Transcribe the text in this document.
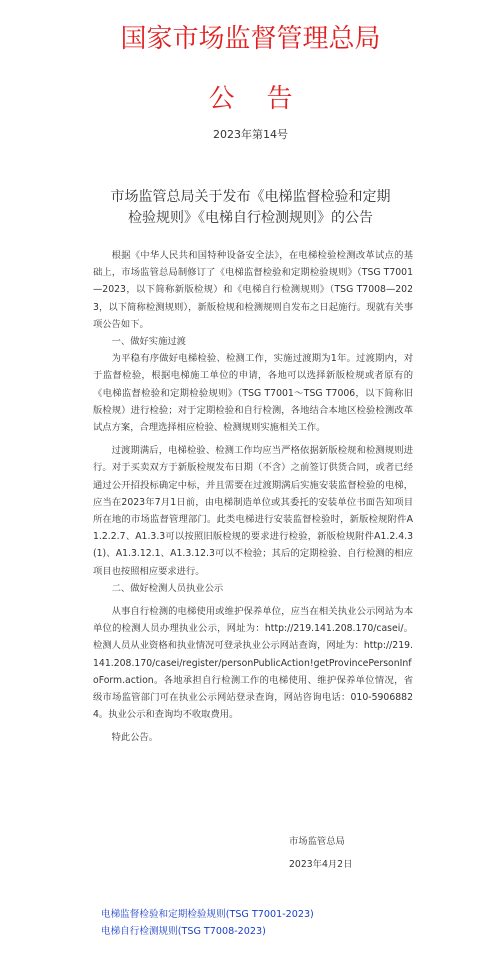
国家市场监督管理总局
公告
2023年第14号
市场监管总局关于发布《电梯监督检验和定期
检验规则》《电梯自行检测规则》的公告

根据《中华人民共和国特种设备安全法》，在电梯检验检测改革试点的基础上，市场监管总局制修订了《电梯监督检验和定期检验规则》（TSG T7001—2023，以下简称新版检规）和《电梯自行检测规则》（TSG T7008—2023，以下简称检测规则），新版检规和检测规则自发布之日起施行。现就有关事项公告如下。

一、做好实施过渡

为平稳有序做好电梯检验、检测工作，实施过渡期为1年。过渡期内，对于监督检验，根据电梯施工单位的申请，各地可以选择新版检规或者原有的《电梯监督检验和定期检验规则》（TSG T7001～TSG T7006，以下简称旧版检规）进行检验；对于定期检验和自行检测，各地结合本地区检验检测改革试点方案，合理选择相应检验、检测规则实施相关工作。

过渡期满后，电梯检验、检测工作均应当严格依据新版检规和检测规则进行。对于买卖双方于新版检规发布日期（不含）之前签订供货合同，或者已经通过公开招投标确定中标，并且需要在过渡期满后实施安装监督检验的电梯，应当在2023年7月1日前，由电梯制造单位或其委托的安装单位书面告知项目所在地的市场监督管理部门。此类电梯进行安装监督检验时，新版检规附件A1.2.2.7、A1.3.3可以按照旧版检规的要求进行检验，新版检规附件A1.2.4.3 (1)、A1.3.12.1、A1.3.12.3可以不检验；其后的定期检验、自行检测的相应项目也按照相应要求进行。

二、做好检测人员执业公示

从事自行检测的电梯使用或维护保养单位，应当在相关执业公示网站为本单位的检测人员办理执业公示，网址为：http://219.141.208.170/casei/。检测人员从业资格和执业情况可登录执业公示网站查询，网址为：http://219.141.208.170/casei/register/personPublicAction!getProvincePersonInfoForm.action。各地承担自行检测工作的电梯使用、维护保养单位情况，省级市场监管部门可在执业公示网站登录查询，网站咨询电话：010-59068824。执业公示和查询均不收取费用。

特此公告。

市场监管总局
2023年4月2日
电梯监督检验和定期检验规则(TSG T7001-2023)
电梯自行检测规则(TSG T7008-2023)
